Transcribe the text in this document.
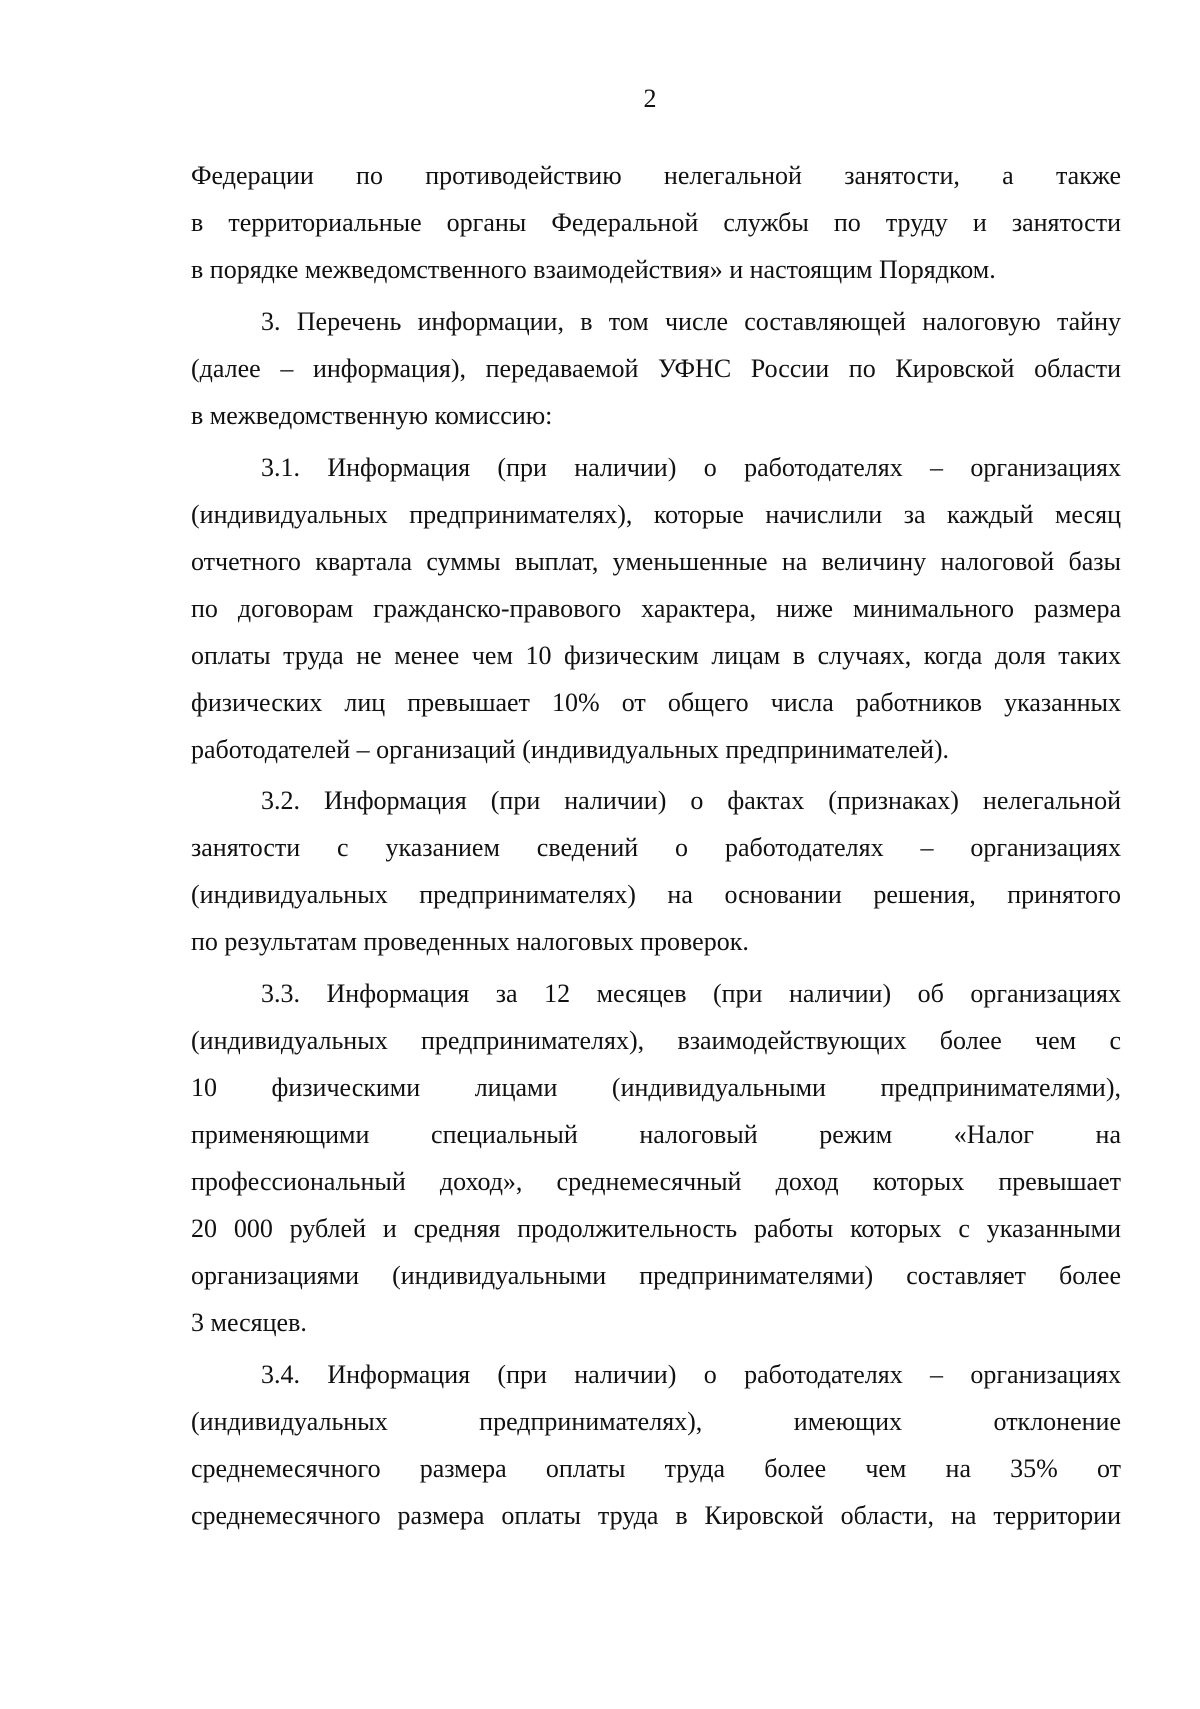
2
Федерации по противодействию нелегальной занятости, а также
в территориальные органы Федеральной службы по труду и занятости
в порядке межведомственного взаимодействия» и настоящим Порядком.
3. Перечень информации, в том числе составляющей налоговую тайну
(далее – информация), передаваемой УФНС России по Кировской области
в межведомственную комиссию:
3.1. Информация (при наличии) о работодателях – организациях
(индивидуальных предпринимателях), которые начислили за каждый месяц
отчетного квартала суммы выплат, уменьшенные на величину налоговой базы
по договорам гражданско-правового характера, ниже минимального размера
оплаты труда не менее чем 10 физическим лицам в случаях, когда доля таких
физических лиц превышает 10% от общего числа работников указанных
работодателей – организаций (индивидуальных предпринимателей).
3.2. Информация (при наличии) о фактах (признаках) нелегальной
занятости с указанием сведений о работодателях – организациях
(индивидуальных предпринимателях) на основании решения, принятого
по результатам проведенных налоговых проверок.
3.3. Информация за 12 месяцев (при наличии) об организациях
(индивидуальных предпринимателях), взаимодействующих более чем с
10 физическими лицами (индивидуальными предпринимателями),
применяющими специальный налоговый режим «Налог на
профессиональный доход», среднемесячный доход которых превышает
20 000 рублей и средняя продолжительность работы которых с указанными
организациями (индивидуальными предпринимателями) составляет более
3 месяцев.
3.4. Информация (при наличии) о работодателях – организациях
(индивидуальных предпринимателях), имеющих отклонение
среднемесячного размера оплаты труда более чем на 35% от
среднемесячного размера оплаты труда в Кировской области, на территории
